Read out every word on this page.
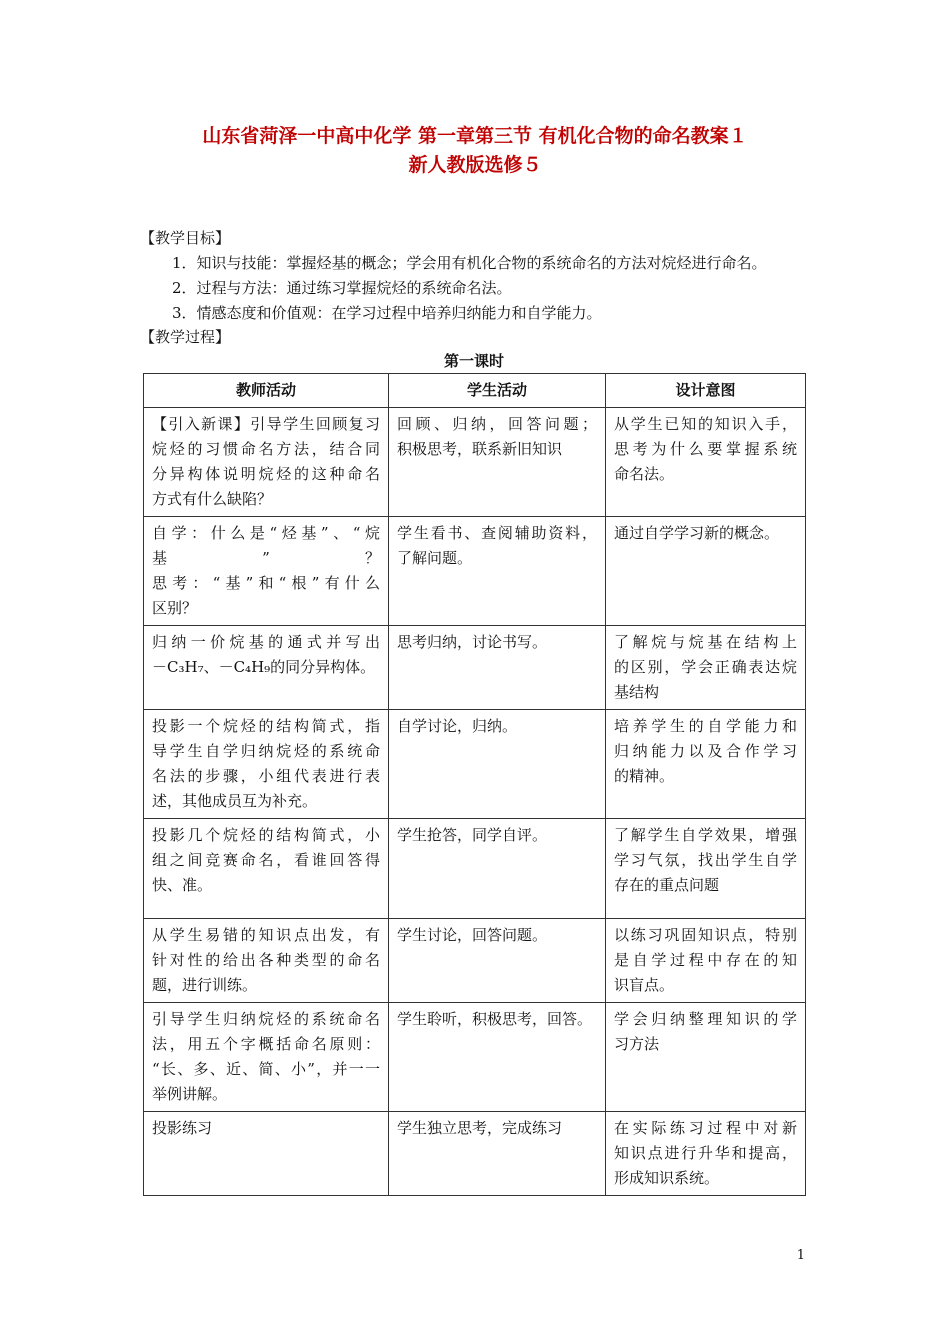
山东省菏泽一中高中化学 第一章第三节 有机化合物的命名教案１
新人教版选修５
【教学目标】
1．知识与技能：掌握烃基的概念；学会用有机化合物的系统命名的方法对烷烃进行命名。
2．过程与方法：通过练习掌握烷烃的系统命名法。
3．情感态度和价值观：在学习过程中培养归纳能力和自学能力。
【教学过程】
第一课时
教师活动	学生活动	设计意图

【引入新课】引导学生回顾复习
烷烃的习惯命名方法，结合同
分异构体说明烷烃的这种命名
方式有什么缺陷？	回顾、归纳，回答问题；
积极思考，联系新旧知识	从学生已知的知识入手，
思考为什么要掌握系统
命名法。

自学：什么是“烃基”、“烷
基”？
思考：“基”和“根”有什么
区别？	学生看书、查阅辅助资料，
了解问题。	通过自学学习新的概念。

归纳一价烷基的通式并写出
－C₃H₇、－C₄H₉的同分异构体。	思考归纳，讨论书写。	了解烷与烷基在结构上
的区别，学会正确表达烷
基结构

投影一个烷烃的结构简式，指
导学生自学归纳烷烃的系统命
名法的步骤，小组代表进行表
述，其他成员互为补充。	自学讨论，归纳。	培养学生的自学能力和
归纳能力以及合作学习
的精神。

投影几个烷烃的结构简式，小
组之间竞赛命名，看谁回答得
快、准。	学生抢答，同学自评。	了解学生自学效果，增强
学习气氛，找出学生自学
存在的重点问题

从学生易错的知识点出发，有
针对性的给出各种类型的命名
题，进行训练。	学生讨论，回答问题。	以练习巩固知识点，特别
是自学过程中存在的知
识盲点。

引导学生归纳烷烃的系统命名
法，用五个字概括命名原则：
“长、多、近、简、小”，并一一
举例讲解。	学生聆听，积极思考，回答。	学会归纳整理知识的学
习方法

投影练习	学生独立思考，完成练习	在实际练习过程中对新
知识点进行升华和提高，
形成知识系统。
1
